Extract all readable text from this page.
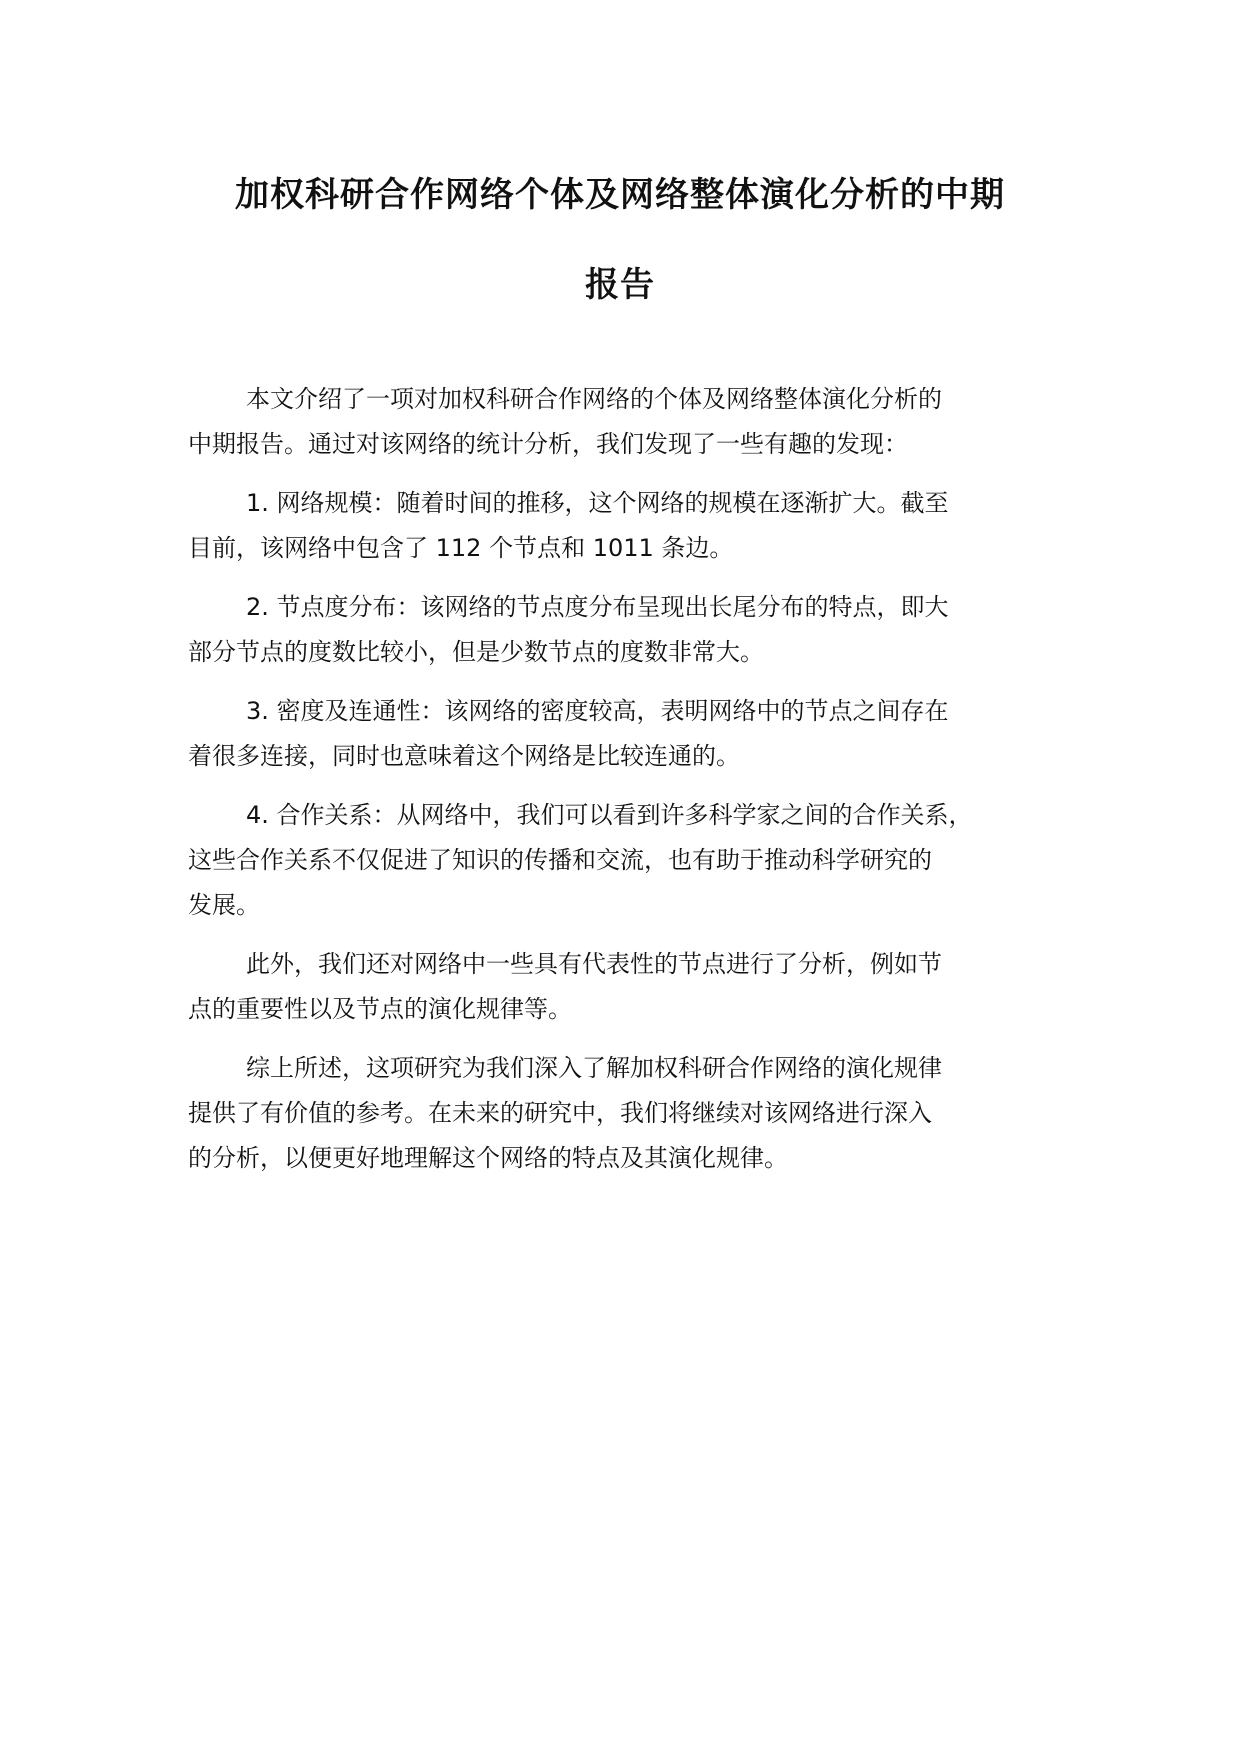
加权科研合作网络个体及网络整体演化分析的中期
报告

本文介绍了一项对加权科研合作网络的个体及网络整体演化分析的
中期报告。通过对该网络的统计分析，我们发现了一些有趣的发现：

1. 网络规模：随着时间的推移，这个网络的规模在逐渐扩大。截至
目前，该网络中包含了 112 个节点和 1011 条边。

2. 节点度分布：该网络的节点度分布呈现出长尾分布的特点，即大
部分节点的度数比较小，但是少数节点的度数非常大。

3. 密度及连通性：该网络的密度较高，表明网络中的节点之间存在
着很多连接，同时也意味着这个网络是比较连通的。

4. 合作关系：从网络中，我们可以看到许多科学家之间的合作关系，
这些合作关系不仅促进了知识的传播和交流，也有助于推动科学研究的
发展。

此外，我们还对网络中一些具有代表性的节点进行了分析，例如节
点的重要性以及节点的演化规律等。

综上所述，这项研究为我们深入了解加权科研合作网络的演化规律
提供了有价值的参考。在未来的研究中，我们将继续对该网络进行深入
的分析，以便更好地理解这个网络的特点及其演化规律。
